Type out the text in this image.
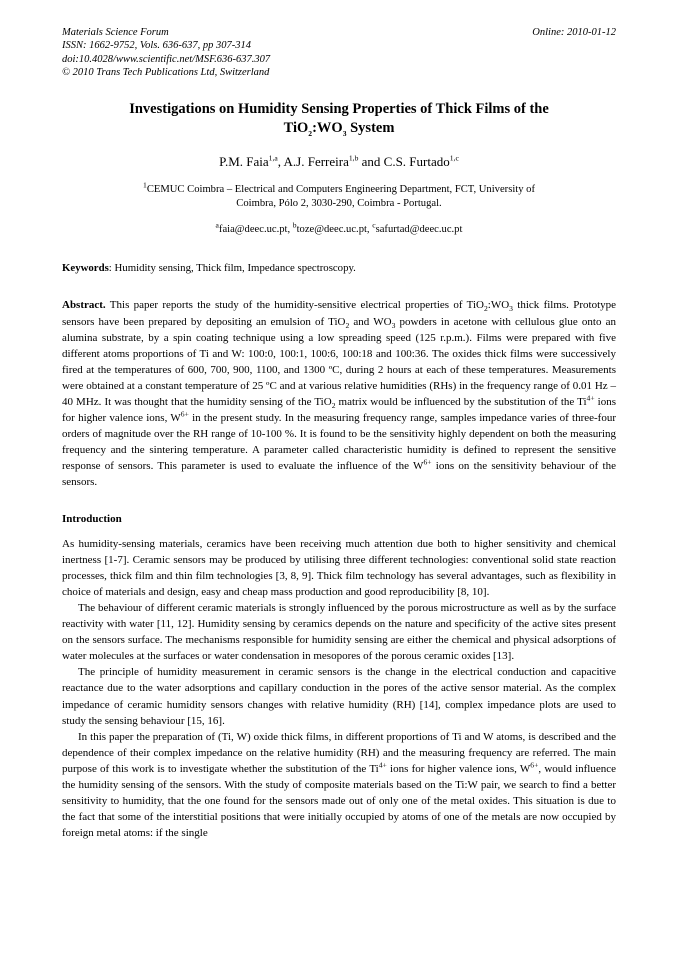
Materials Science Forum
ISSN: 1662-9752, Vols. 636-637, pp 307-314
doi:10.4028/www.scientific.net/MSF.636-637.307
© 2010 Trans Tech Publications Ltd, Switzerland
Online: 2010-01-12
Investigations on Humidity Sensing Properties of Thick Films of the
$TiO_2:WO_3$ System
P.M. Faia$^{1,a}$, A.J. Ferreira$^{1,b}$ and C.S. Furtado$^{1,c}$
$^1$CEMUC Coimbra – Electrical and Computers Engineering Department, FCT, University of
Coimbra, Pólo 2, 3030-290, Coimbra - Portugal.
$^a$faia@deec.uc.pt, $^b$toze@deec.uc.pt, $^c$safurtad@deec.uc.pt
Keywords: Humidity sensing, Thick film, Impedance spectroscopy.
Abstract. This paper reports the study of the humidity-sensitive electrical properties of $TiO_2:WO_3$ thick films. Prototype sensors have been prepared by depositing an emulsion of TiO$_2$ and $WO_3$ powders in acetone with cellulous glue onto an alumina substrate, by a spin coating technique using a low spreading speed (125 r.p.m.). Films were prepared with five different atoms proportions of Ti and W: 100:0, 100:1, 100:6, 100:18 and 100:36. The oxides thick films were successively fired at the temperatures of 600, 700, 900, 1100, and 1300 ºC, during 2 hours at each of these temperatures. Measurements were obtained at a constant temperature of 25 ºC and at various relative humidities (RHs) in the frequency range of 0.01 Hz – 40 MHz. It was thought that the humidity sensing of the TiO$_2$ matrix would be influenced by the substitution of the $Ti^{4+}$ ions for higher valence ions, $W^{6+}$ in the present study. In the measuring frequency range, samples impedance varies of three-four orders of magnitude over the RH range of 10-100 %. It is found to be the sensitivity highly dependent on both the measuring frequency and the sintering temperature. A parameter called characteristic humidity is defined to represent the sensitive response of sensors. This parameter is used to evaluate the influence of the $W^{6+}$ ions on the sensitivity behaviour of the sensors.
Introduction
As humidity-sensing materials, ceramics have been receiving much attention due both to higher sensitivity and chemical inertness [1-7]. Ceramic sensors may be produced by utilising three different technologies: conventional solid state reaction processes, thick film and thin film technologies [3, 8, 9]. Thick film technology has several advantages, such as flexibility in choice of materials and design, easy and cheap mass production and good reproducibility [8, 10].
The behaviour of different ceramic materials is strongly influenced by the porous microstructure as well as by the surface reactivity with water [11, 12]. Humidity sensing by ceramics depends on the nature and specificity of the active sites present on the sensors surface. The mechanisms responsible for humidity sensing are either the chemical and physical adsorptions of water molecules at the surfaces or water condensation in mesopores of the porous ceramic oxides [13].
The principle of humidity measurement in ceramic sensors is the change in the electrical conduction and capacitive reactance due to the water adsorptions and capillary conduction in the pores of the active sensor material. As the complex impedance of ceramic humidity sensors changes with relative humidity (RH) [14], complex impedance plots are used to study the sensing behaviour [15, 16].
In this paper the preparation of (Ti, W) oxide thick films, in different proportions of Ti and W atoms, is described and the dependence of their complex impedance on the relative humidity (RH) and the measuring frequency are referred. The main purpose of this work is to investigate whether the substitution of the $Ti^{4+}$ ions for higher valence ions, $W^{6+}$, would influence the humidity sensing of the sensors. With the study of composite materials based on the Ti:W pair, we search to find a better sensitivity to humidity, that the one found for the sensors made out of only one of the metal oxides. This situation is due to the fact that some of the interstitial positions that were initially occupied by atoms of one of the metals are now occupied by foreign metal atoms: if the single
